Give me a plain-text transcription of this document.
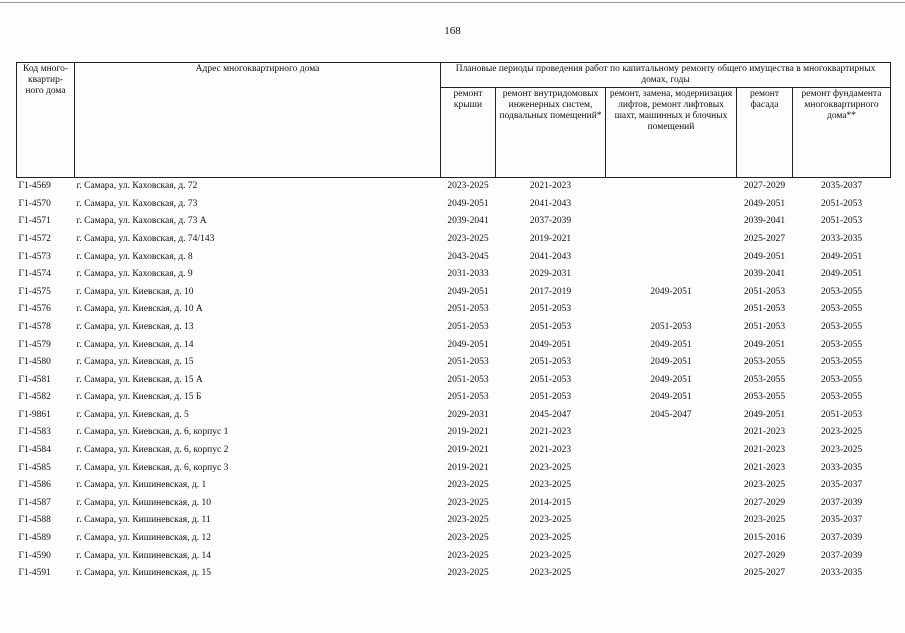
168
Код много-квартир-ного дома	Адрес многоквартирного дома	Плановые периоды проведения работ по капитальному ремонту общего имущества в многоквартирных домах, годы				
		ремонт крыши	ремонт внутридомовых инженерных систем, подвальных помещений*	ремонт, замена, модернизация лифтов, ремонт лифтовых шахт, машинных и блочных помещений	ремонт фасада	ремонт фундамента многоквартирного дома**
Г1-4569	г. Самара, ул. Каховская, д. 72	2023-2025	2021-2023		2027-2029	2035-2037
Г1-4570	г. Самара, ул. Каховская, д. 73	2049-2051	2041-2043		2049-2051	2051-2053
Г1-4571	г. Самара, ул. Каховская, д. 73 А	2039-2041	2037-2039		2039-2041	2051-2053
Г1-4572	г. Самара, ул. Каховская, д. 74/143	2023-2025	2019-2021		2025-2027	2033-2035
Г1-4573	г. Самара, ул. Каховская, д. 8	2043-2045	2041-2043		2049-2051	2049-2051
Г1-4574	г. Самара, ул. Каховская, д. 9	2031-2033	2029-2031		2039-2041	2049-2051
Г1-4575	г. Самара, ул. Киевская, д. 10	2049-2051	2017-2019	2049-2051	2051-2053	2053-2055
Г1-4576	г. Самара, ул. Киевская, д. 10 А	2051-2053	2051-2053		2051-2053	2053-2055
Г1-4578	г. Самара, ул. Киевская, д. 13	2051-2053	2051-2053	2051-2053	2051-2053	2053-2055
Г1-4579	г. Самара, ул. Киевская, д. 14	2049-2051	2049-2051	2049-2051	2049-2051	2053-2055
Г1-4580	г. Самара, ул. Киевская, д. 15	2051-2053	2051-2053	2049-2051	2053-2055	2053-2055
Г1-4581	г. Самара, ул. Киевская, д. 15 А	2051-2053	2051-2053	2049-2051	2053-2055	2053-2055
Г1-4582	г. Самара, ул. Киевская, д. 15 Б	2051-2053	2051-2053	2049-2051	2053-2055	2053-2055
Г1-9861	г. Самара, ул. Киевская, д. 5	2029-2031	2045-2047	2045-2047	2049-2051	2051-2053
Г1-4583	г. Самара, ул. Киевская, д. 6, корпус 1	2019-2021	2021-2023		2021-2023	2023-2025
Г1-4584	г. Самара, ул. Киевская, д. 6, корпус 2	2019-2021	2021-2023		2021-2023	2023-2025
Г1-4585	г. Самара, ул. Киевская, д. 6, корпус 3	2019-2021	2023-2025		2021-2023	2033-2035
Г1-4586	г. Самара, ул. Кишиневская, д. 1	2023-2025	2023-2025		2023-2025	2035-2037
Г1-4587	г. Самара, ул. Кишиневская, д. 10	2023-2025	2014-2015		2027-2029	2037-2039
Г1-4588	г. Самара, ул. Кишиневская, д. 11	2023-2025	2023-2025		2023-2025	2035-2037
Г1-4589	г. Самара, ул. Кишиневская, д. 12	2023-2025	2023-2025		2015-2016	2037-2039
Г1-4590	г. Самара, ул. Кишиневская, д. 14	2023-2025	2023-2025		2027-2029	2037-2039
Г1-4591	г. Самара, ул. Кишиневская, д. 15	2023-2025	2023-2025		2025-2027	2033-2035
